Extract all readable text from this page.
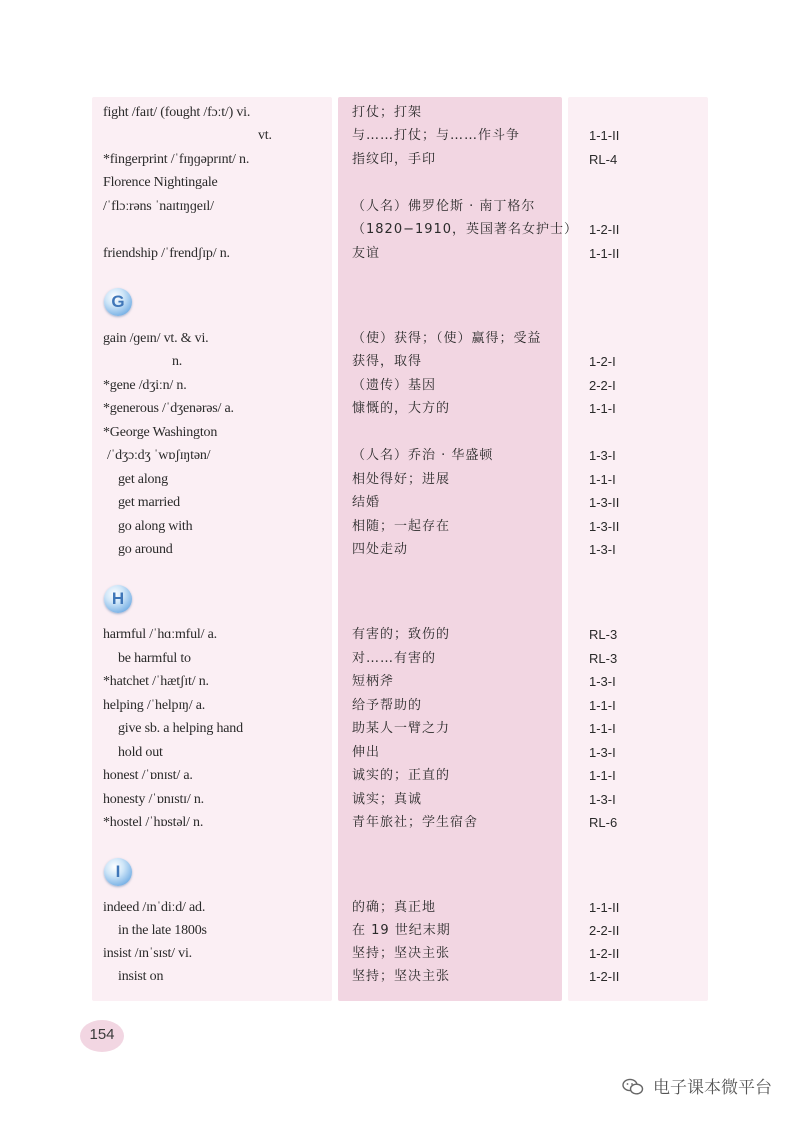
fight /faɪt/ (fought /fɔːt/) vi.	打仗；打架
vt.	与……打仗；与……作斗争	1-1-II
*fingerprint /ˈfɪŋɡəprɪnt/ n.	指纹印，手印	RL-4
Florence Nightingale
/ˈflɔːrəns ˈnaɪtɪŋɡeɪl/	（人名）佛罗伦斯 · 南丁格尔
（1820−1910，英国著名女护士） 1-2-II
friendship /ˈfrendʃɪp/ n.	友谊	1-1-II
G
gain /ɡeɪn/ vt. & vi.	（使）获得；（使）赢得；受益
n.	获得，取得	1-2-I
*gene /dʒiːn/ n.	（遗传）基因	2-2-I
*generous /ˈdʒenərəs/ a.	慷慨的，大方的	1-1-I
*George Washington
/ˈdʒɔːdʒ ˈwɒʃɪŋtən/	（人名）乔治 · 华盛顿	1-3-I
get along	相处得好；进展	1-1-I
get married	结婚	1-3-II
go along with	相随；一起存在	1-3-II
go around	四处走动	1-3-I
H
harmful /ˈhɑːmful/ a.	有害的；致伤的	RL-3
be harmful to	对……有害的	RL-3
*hatchet /ˈhætʃɪt/ n.	短柄斧	1-3-I
helping /ˈhelpɪŋ/ a.	给予帮助的	1-1-I
give sb. a helping hand	助某人一臂之力	1-1-I
hold out	伸出	1-3-I
honest /ˈɒnɪst/ a.	诚实的；正直的	1-1-I
honesty /ˈɒnɪstɪ/ n.	诚实；真诚	1-3-I
*hostel /ˈhɒstəl/ n.	青年旅社；学生宿舍	RL-6
I
indeed /ɪnˈdiːd/ ad.	的确；真正地	1-1-II
in the late 1800s	在 19 世纪末期	2-2-II
insist /ɪnˈsɪst/ vi.	坚持；坚决主张	1-2-II
insist on	坚持；坚决主张	1-2-II
154
电子课本微平台
